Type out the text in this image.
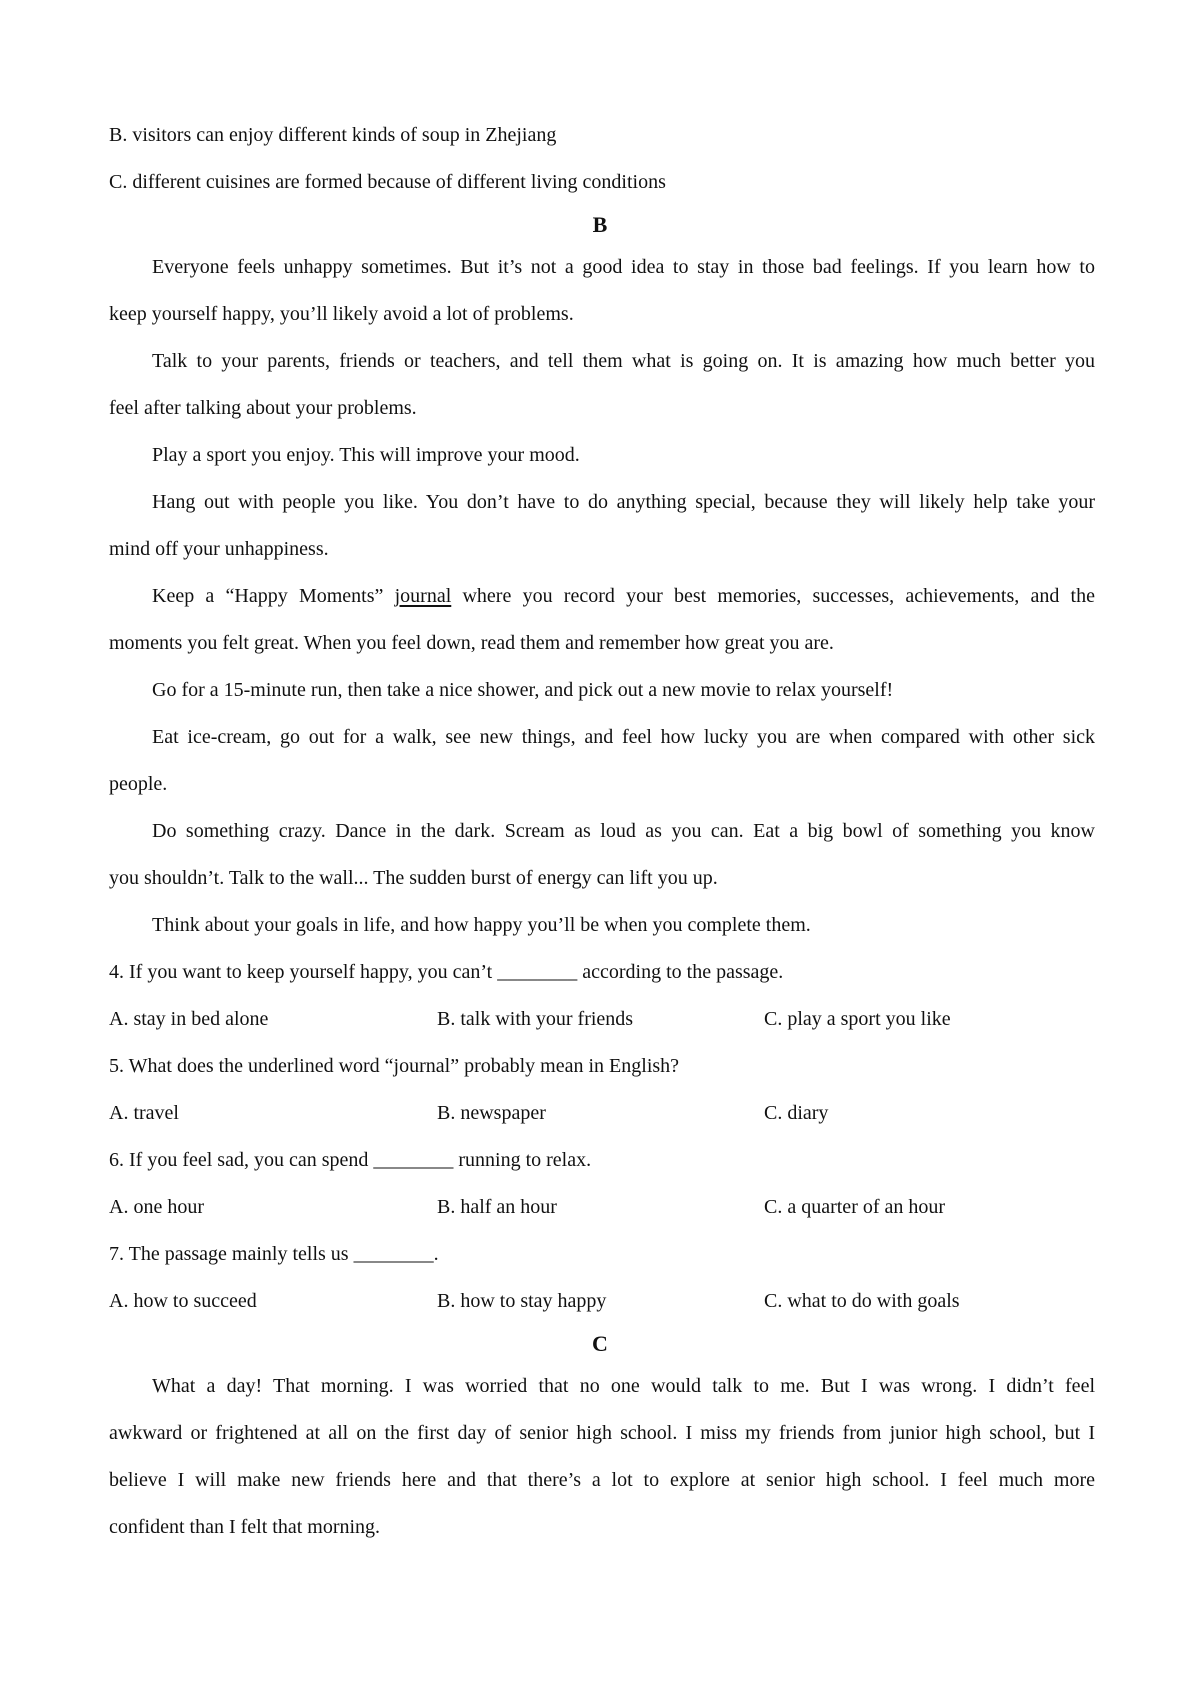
B. visitors can enjoy different kinds of soup in Zhejiang
C. different cuisines are formed because of different living conditions
B
Everyone feels unhappy sometimes. But it’s not a good idea to stay in those bad feelings. If you learn how to
keep yourself happy, you’ll likely avoid a lot of problems.
Talk to your parents, friends or teachers, and tell them what is going on. It is amazing how much better you
feel after talking about your problems.
Play a sport you enjoy. This will improve your mood.
Hang out with people you like. You don’t have to do anything special, because they will likely help take your
mind off your unhappiness.
Keep a “Happy Moments” journal where you record your best memories, successes, achievements, and the
moments you felt great. When you feel down, read them and remember how great you are.
Go for a 15-minute run, then take a nice shower, and pick out a new movie to relax yourself!
Eat ice-cream, go out for a walk, see new things, and feel how lucky you are when compared with other sick
people.
Do something crazy. Dance in the dark. Scream as loud as you can. Eat a big bowl of something you know
you shouldn’t. Talk to the wall... The sudden burst of energy can lift you up.
Think about your goals in life, and how happy you’ll be when you complete them.
4. If you want to keep yourself happy, you can’t ________ according to the passage.
A. stay in bed alone	B. talk with your friends	C. play a sport you like
5. What does the underlined word “journal” probably mean in English?
A. travel	B. newspaper	C. diary
6. If you feel sad, you can spend ________ running to relax.
A. one hour	B. half an hour	C. a quarter of an hour
7. The passage mainly tells us ________.
A. how to succeed	B. how to stay happy	C. what to do with goals
C
What a day! That morning. I was worried that no one would talk to me. But I was wrong. I didn’t feel
awkward or frightened at all on the first day of senior high school. I miss my friends from junior high school, but I
believe I will make new friends here and that there’s a lot to explore at senior high school. I feel much more
confident than I felt that morning.
